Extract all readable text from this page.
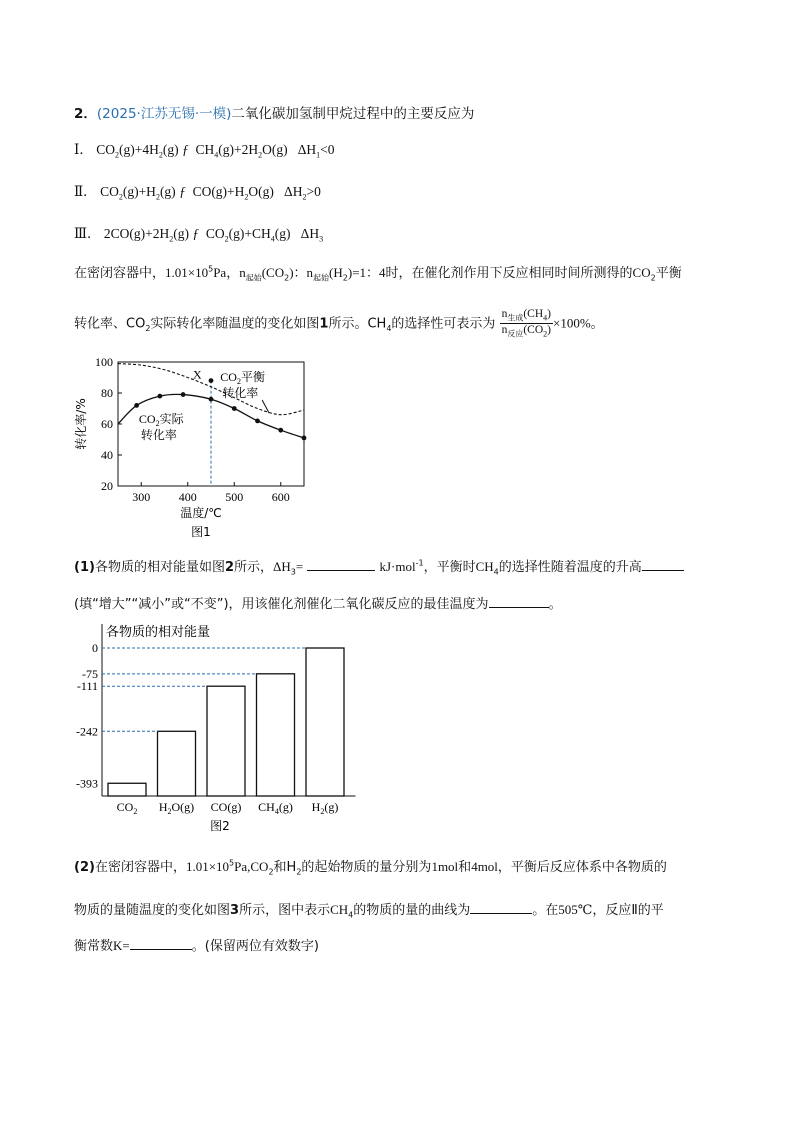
2．(2025·江苏无锡·一模)二氧化碳加氢制甲烷过程中的主要反应为
Ⅰ． $CO_2(g)+4H_2(g)$ ƒ $CH_4(g)+2H_2O(g)$ $\Delta H_1<0$
Ⅱ． $CO_2(g)+H_2(g)$ ƒ $CO(g)+H_2O(g)$ $\Delta H_2>0$
Ⅲ． $2CO(g)+2H_2(g)$ ƒ $CO_2(g)+CH_4(g)$ $\Delta H_3$
在密闭容器中，$1.01\times 10^5Pa$，$n_{起始}(CO_2)$：$n_{起始}(H_2)=1$：4时，在催化剂作用下反应相同时间所测得的$CO_2$平衡
转化率、$CO_2$实际转化率随温度的变化如图1所示。$CH_4$的选择性可表示为 $\frac{n_{生成}(CH_4)}{n_{反应}(CO_2)} \times 100\%$。
20
40
60
80
100
300 400 500 600
温度/℃
转化率/%
图1
X $CO_2$平衡
转化率
$CO_2$实际
转化率
(1)各物质的相对能量如图2所示，$\Delta H_3=$	kJ·mol$^{-1}$，平衡时$CH_4$的选择性随着温度的升高
(填“增大”“减小”或“不变”)，用该催化剂催化二氧化碳反应的最佳温度为	。
各物质的相对能量
0
-75
-111
-242
-393
$CO_2$ $H_2O(g)$ CO(g) $CH_4(g)$ $H_2(g)$
图2
(2)在密闭容器中，$1.01\times 10^5Pa,CO_2$和$H_2$的起始物质的量分别为1mol和4mol，平衡后反应体系中各物质的
物质的量随温度的变化如图3所示，图中表示$CH_4$的物质的量的曲线为	。在505℃，反应Ⅱ的平
衡常数K=	。(保留两位有效数字)
